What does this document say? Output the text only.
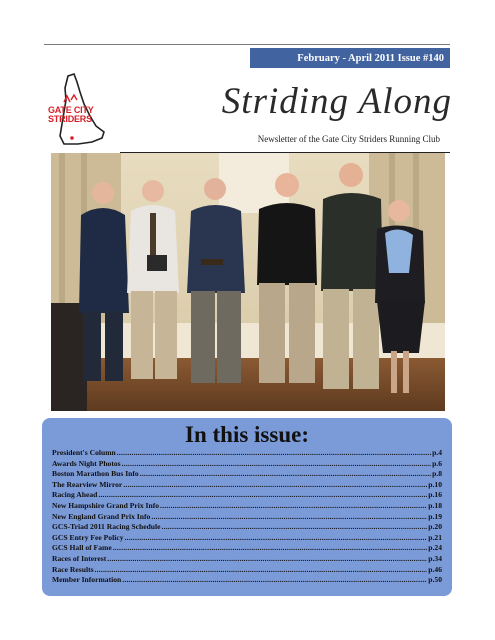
February - April 2011 Issue #140
GATE CITY
STRIDERS	Striding Along
Newsletter of the Gate City Striders Running Club
In this issue:
President's Column .....	p.4
Awards Night Photos .....	p.6
Boston Marathon Bus Info .....	p.8
The Rearview Mirror .....	p.10
Racing Ahead .....	p.16
New Hampshire Grand Prix Info .....	p.18
New England Grand Prix Info .....	p.19
GCS-Triad 2011 Racing Schedule .....	p.20
GCS Entry Fee Policy .....	p.21
GCS Hall of Fame .....	p.24
Races of Interest .....	p.34
Race Results .....	p.46
Member Information .....	p.50
